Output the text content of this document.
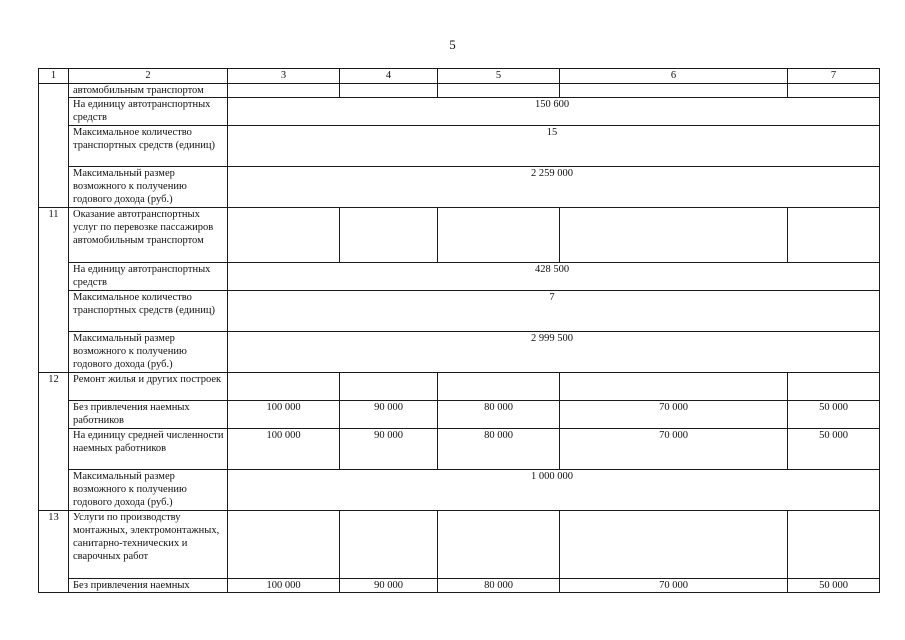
5
1	2	3	4	5	6	7
	автомобильным транспортом					
	На единицу автотранспортных средств	150 600				
	Максимальное количество транспортных средств (единиц)	15				
	Максимальный размер возможного к получению годового дохода (руб.)	2 259 000				
11	Оказание автотранспортных услуг по перевозке пассажиров автомобильным транспортом					
	На единицу автотранспортных средств	428 500				
	Максимальное количество транспортных средств (единиц)	7				
	Максимальный размер возможного к получению годового дохода (руб.)	2 999 500				
12	Ремонт жилья и других построек					
	Без привлечения наемных работников	100 000	90 000	80 000	70 000	50 000
	На единицу средней численности наемных работников	100 000	90 000	80 000	70 000	50 000
	Максимальный размер возможного к получению годового дохода (руб.)	1 000 000				
13	Услуги по производству монтажных, электромонтажных, санитарно-технических и сварочных работ					
	Без привлечения наемных	100 000	90 000	80 000	70 000	50 000
